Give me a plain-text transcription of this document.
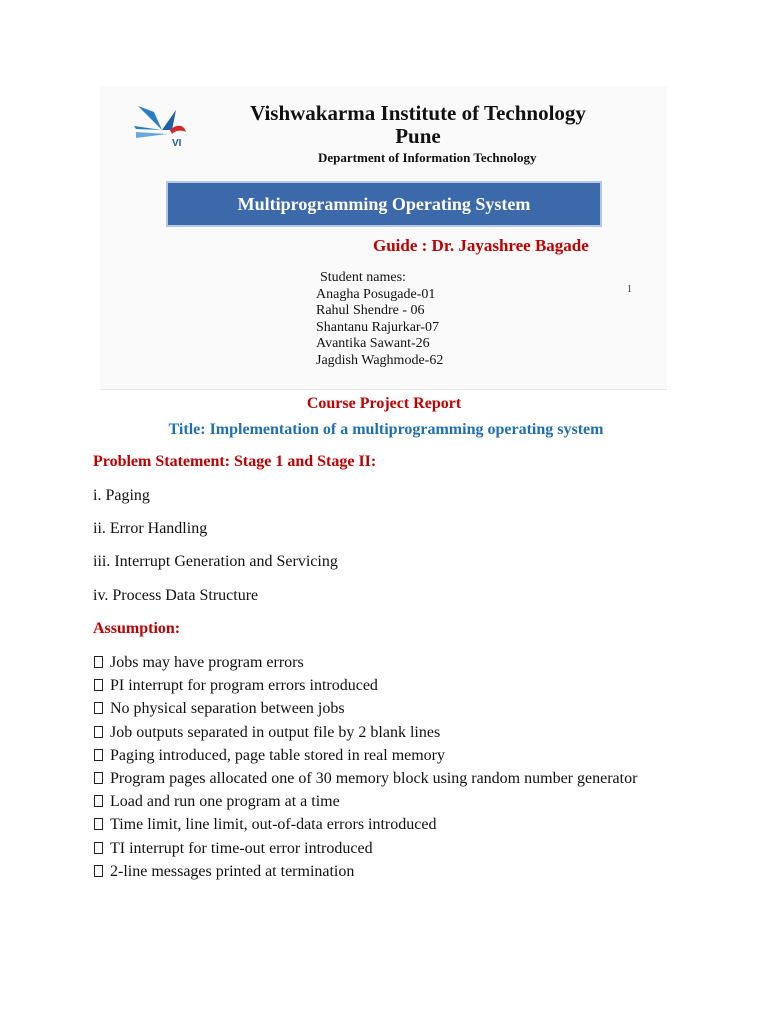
VI
Vishwakarma Institute of Technology
Pune
Department of Information Technology
Multiprogramming Operating System
Guide : Dr. Jayashree Bagade
Student names:
Anagha Posugade-01
Rahul Shendre - 06
Shantanu Rajurkar-07
Avantika Sawant-26
Jagdish Waghmode-62
1
Course Project Report
Title: Implementation of a multiprogramming operating system
Problem Statement: Stage 1 and Stage II:
i. Paging
ii. Error Handling
iii. Interrupt Generation and Servicing
iv. Process Data Structure
Assumption:
Jobs may have program errors
PI interrupt for program errors introduced
No physical separation between jobs
Job outputs separated in output file by 2 blank lines
Paging introduced, page table stored in real memory
Program pages allocated one of 30 memory block using random number generator
Load and run one program at a time
Time limit, line limit, out-of-data errors introduced
TI interrupt for time-out error introduced
2-line messages printed at termination
